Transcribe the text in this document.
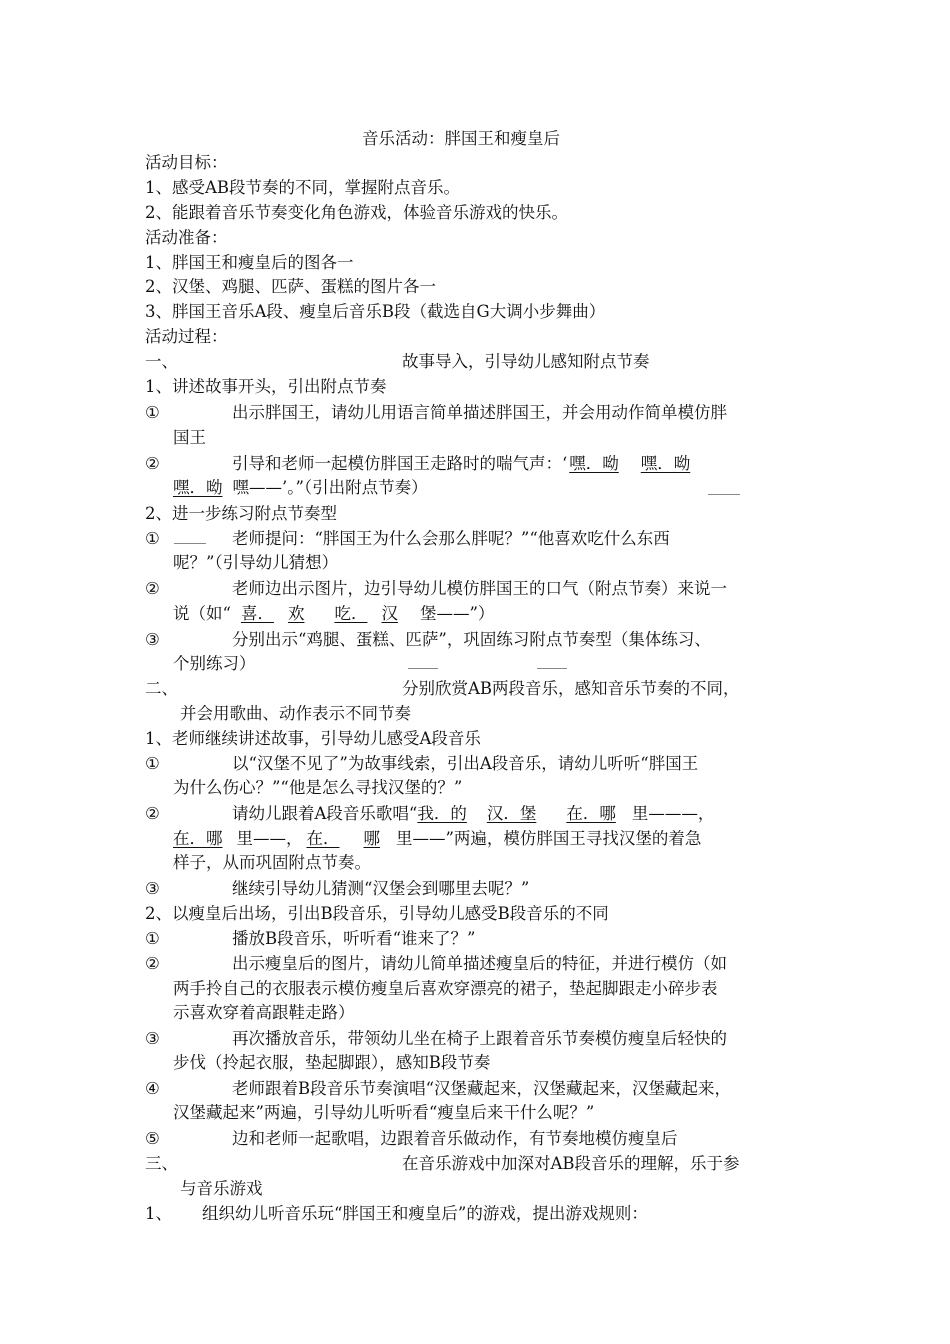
音乐活动：胖国王和瘦皇后
活动目标：
1、感受AB段节奏的不同，掌握附点音乐。
2、能跟着音乐节奏变化角色游戏，体验音乐游戏的快乐。
活动准备：
1、胖国王和瘦皇后的图各一
2、汉堡、鸡腿、匹萨、蛋糕的图片各一
3、胖国王音乐A段、瘦皇后音乐B段（截选自G大调小步舞曲）
活动过程：
一、	故事导入，引导幼儿感知附点节奏
1、讲述故事开头，引出附点节奏
①	出示胖国王，请幼儿用语言简单描述胖国王，并会用动作简单模仿胖
国王
②	引导和老师一起模仿胖国王走路时的喘气声：‘ 嘿．呦 嘿．呦
嘿．呦 嘿——’。”（引出附点节奏）
2、进一步练习附点节奏型
①	老师提问：“胖国王为什么会那么胖呢？”“他喜欢吃什么东西
呢？”（引导幼儿猜想）
②	老师边出示图片，边引导幼儿模仿胖国王的口气（附点节奏）来说一
说（如“ 喜． 欢 吃． 汉 堡——”）
③	分别出示“鸡腿、蛋糕、匹萨”，巩固练习附点节奏型（集体练习、
个别练习）
二、	分别欣赏AB两段音乐，感知音乐节奏的不同，
并会用歌曲、动作表示不同节奏
1、老师继续讲述故事，引导幼儿感受A段音乐
①	以“汉堡不见了”为故事线索，引出A段音乐，请幼儿听听“胖国王
为什么伤心？”“他是怎么寻找汉堡的？”
②	请幼儿跟着A段音乐歌唱“我．的 汉．堡 在．哪 里———，
在．哪 里——， 在． 哪 里——”两遍，模仿胖国王寻找汉堡的着急
样子，从而巩固附点节奏。
③	继续引导幼儿猜测“汉堡会到哪里去呢？”
2、以瘦皇后出场，引出B段音乐，引导幼儿感受B段音乐的不同
①	播放B段音乐，听听看“谁来了？”
②	出示瘦皇后的图片，请幼儿简单描述瘦皇后的特征，并进行模仿（如
两手拎自己的衣服表示模仿瘦皇后喜欢穿漂亮的裙子，垫起脚跟走小碎步表
示喜欢穿着高跟鞋走路）
③	再次播放音乐，带领幼儿坐在椅子上跟着音乐节奏模仿瘦皇后轻快的
步伐（拎起衣服，垫起脚跟），感知B段节奏
④	老师跟着B段音乐节奏演唱“汉堡藏起来，汉堡藏起来，汉堡藏起来，
汉堡藏起来”两遍，引导幼儿听听看“瘦皇后来干什么呢？”
⑤	边和老师一起歌唱，边跟着音乐做动作，有节奏地模仿瘦皇后
三、	在音乐游戏中加深对AB段音乐的理解，乐于参
与音乐游戏
1、 组织幼儿听音乐玩“胖国王和瘦皇后”的游戏，提出游戏规则：
